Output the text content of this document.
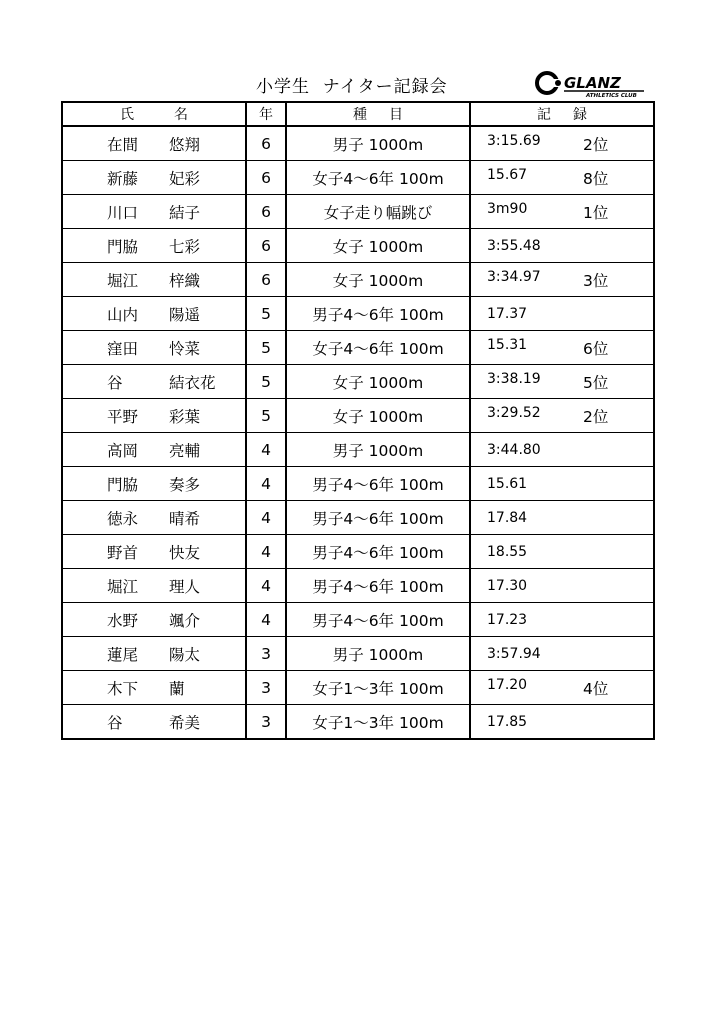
小学生  ナイター記録会	GLANZ
ATHLETICS CLUB
氏名	年	種目	記録

在間 悠翔	6	男子 1000m	3:15.69 2位

新藤 妃彩	6	女子4～6年 100m	15.67 8位

川口 結子	6	女子走り幅跳び	3m90 1位

門脇 七彩	6	女子 1000m	3:55.48

堀江 梓織	6	女子 1000m	3:34.97 3位

山内 陽遥	5	男子4～6年 100m	17.37

窪田 怜菜	5	女子4～6年 100m	15.31 6位

谷 結衣花	5	女子 1000m	3:38.19 5位

平野 彩葉	5	女子 1000m	3:29.52 2位

高岡 亮輔	4	男子 1000m	3:44.80

門脇 奏多	4	男子4～6年 100m	15.61

徳永 晴希	4	男子4～6年 100m	17.84

野首 快友	4	男子4～6年 100m	18.55

堀江 理人	4	男子4～6年 100m	17.30

水野 颯介	4	男子4～6年 100m	17.23

蓮尾 陽太	3	男子 1000m	3:57.94

木下 蘭	3	女子1～3年 100m	17.20 4位

谷 希美	3	女子1～3年 100m	17.85
